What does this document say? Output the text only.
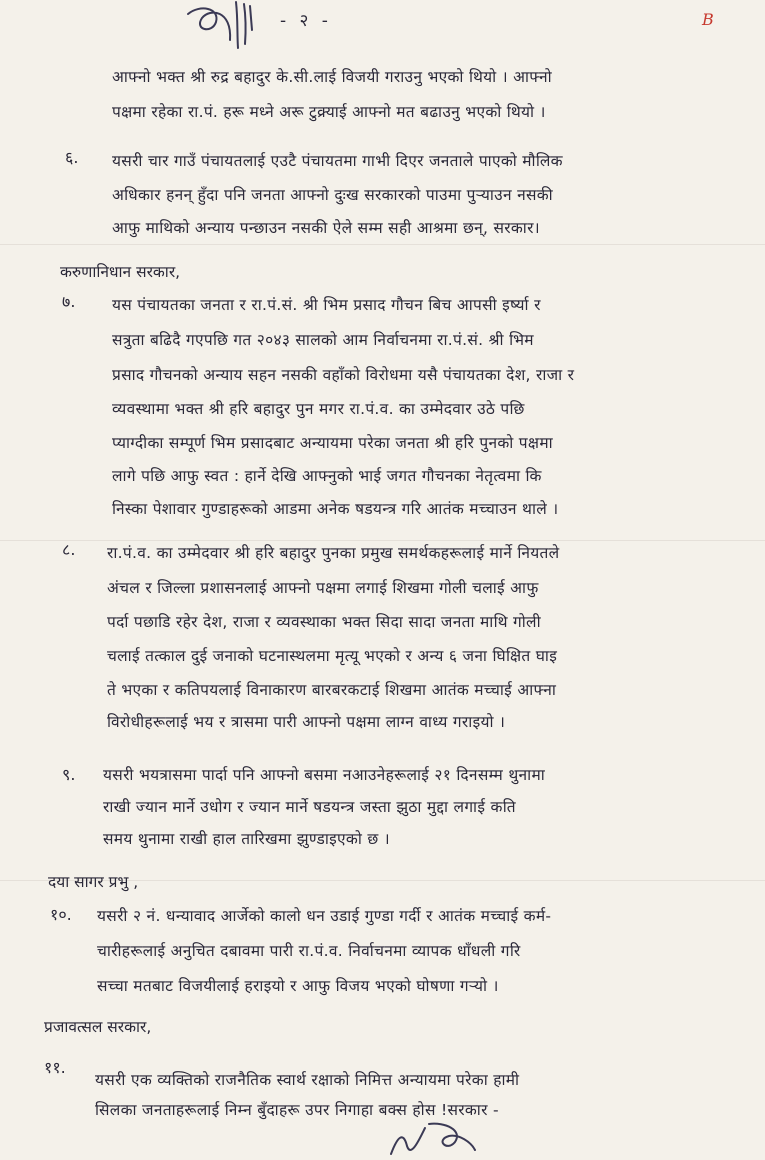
- २ -	B
आफ्नो भक्त श्री रुद्र बहादुर के.सी.लाई विजयी गराउनु भएको थियो । आफ्नो
पक्षमा रहेका रा.पं. हरू मध्ने अरू टुक्र्याई आफ्नो मत बढाउनु भएको थियो ।
६. यसरी चार गाउँ पंचायतलाई एउटै पंचायतमा गाभी दिएर जनताले पाएको मौलिक
अधिकार हनन् हुँदा पनि जनता आफ्नो दुःख सरकारको पाउमा पुर्‍याउन नसकी
आफु माथिको अन्याय पन्छाउन नसकी ऐले सम्म सही आश्रमा छन्, सरकार।
करुणानिधान सरकार,
७. यस पंचायतका जनता र रा.पं.सं. श्री भिम प्रसाद गौचन बिच आपसी इर्ष्या र
सत्रुता बढिदै गएपछि गत २०४३ सालको आम निर्वाचनमा रा.पं.सं. श्री भिम
प्रसाद गौचनको अन्याय सहन नसकी वहाँको विरोधमा यसै पंचायतका देश, राजा र
व्यवस्थामा भक्त श्री हरि बहादुर पुन मगर रा.पं.व. का उम्मेदवार उठे पछि
प्याग्दीका सम्पूर्ण भिम प्रसादबाट अन्यायमा परेका जनता श्री हरि पुनको पक्षमा
लागे पछि आफु स्वत : हार्ने देखि आफ्नुको भाई जगत गौचनका नेतृत्वमा कि
निस्का पेशावार गुण्डाहरूको आडमा अनेक षडयन्त्र गरि आतंक मच्चाउन थाले ।
८. रा.पं.व. का उम्मेदवार श्री हरि बहादुर पुनका प्रमुख समर्थकहरूलाई मार्ने नियतले
अंचल र जिल्ला प्रशासनलाई आफ्नो पक्षमा लगाई शिखमा गोली चलाई आफु
पर्दा पछाडि रहेर देश, राजा र व्यवस्थाका भक्त सिदा सादा जनता माथि गोली
चलाई तत्काल दुई जनाको घटनास्थलमा मृत्यू भएको र अन्य ६ जना घिक्षित घाइ
ते भएका र कतिपयलाई विनाकारण बारबरकटाई शिखमा आतंक मच्चाई आफ्ना
विरोधीहरूलाई भय र त्रासमा पारी आफ्नो पक्षमा लाग्न वाध्य गराइयो ।
९. यसरी भयत्रासमा पार्दा पनि आफ्नो बसमा नआउनेहरूलाई २१ दिनसम्म थुनामा
राखी ज्यान मार्ने उधोग र ज्यान मार्ने षडयन्त्र जस्ता झुठा मुद्दा लगाई कति
समय थुनामा राखी हाल तारिखमा झुण्डाइएको छ ।
दया सागर प्रभु ,
१०. यसरी २ नं. धन्यावाद आर्जेको कालो धन उडाई गुण्डा गर्दी र आतंक मच्चाई कर्म-
चारीहरूलाई अनुचित दबावमा पारी रा.पं.व. निर्वाचनमा व्यापक धाँधली गरि
सच्चा मतबाट विजयीलाई हराइयो र आफु विजय भएको घोषणा गर्‍यो ।
प्रजावत्सल सरकार,
११.
यसरी एक व्यक्तिको राजनैतिक स्वार्थ रक्षाको निमित्त अन्यायमा परेका हामी
सिलका जनताहरूलाई निम्न बुँदाहरू उपर निगाहा बक्स होस !सरकार -
